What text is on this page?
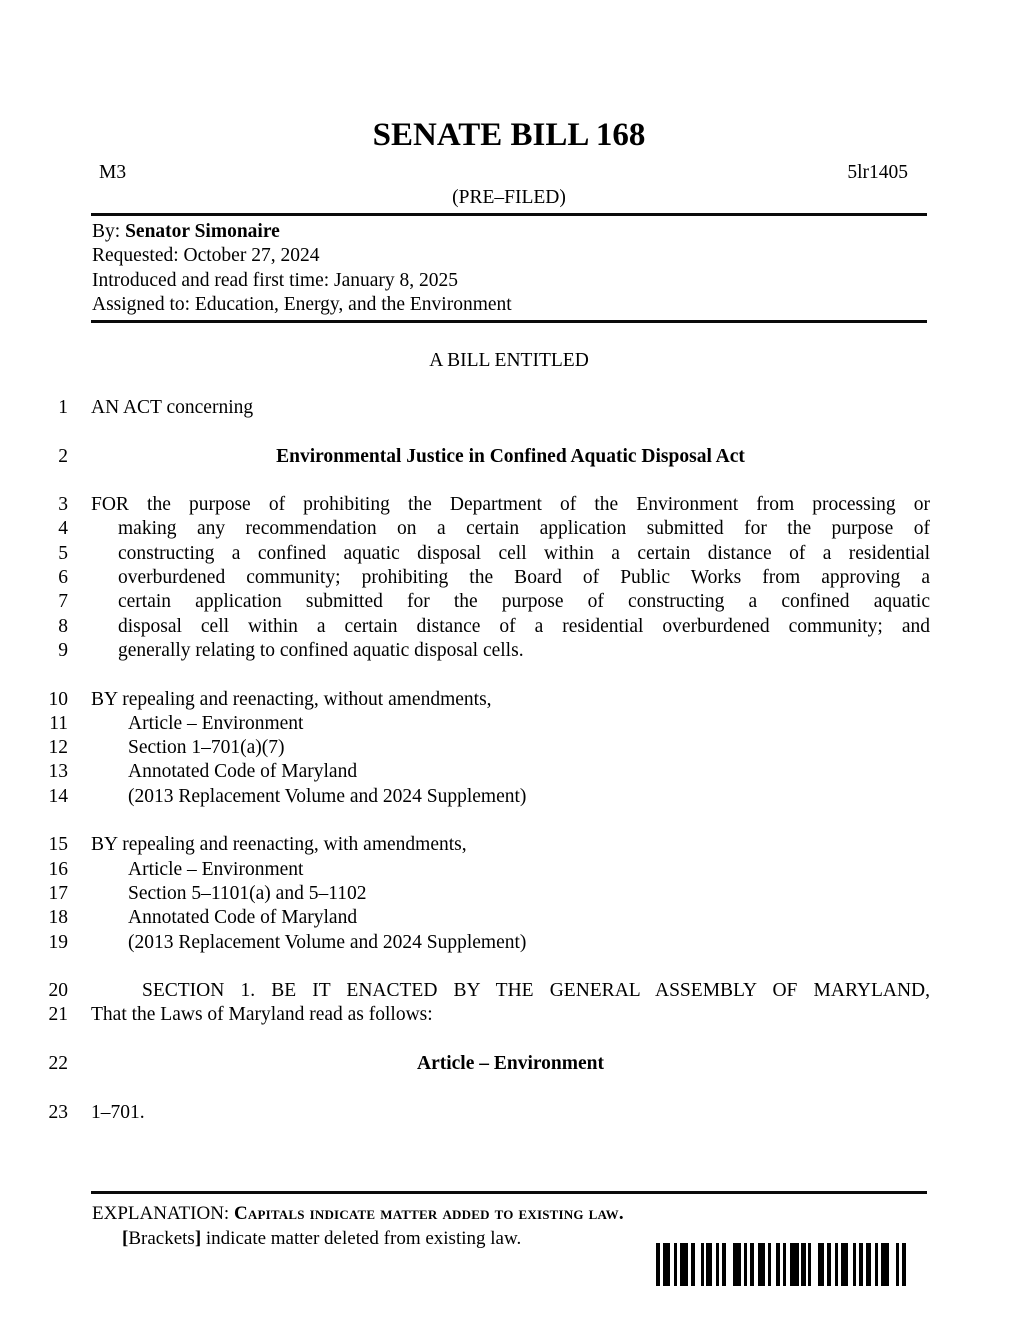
SENATE BILL 168
M3	5lr1405
(PRE–FILED)
By: Senator Simonaire
Requested: October 27, 2024
Introduced and read first time: January 8, 2025
Assigned to: Education, Energy, and the Environment
A BILL ENTITLED
1 AN ACT concerning
2	Environmental Justice in Confined Aquatic Disposal Act
3 FOR the purpose of prohibiting the Department of the Environment from processing or
4	making any recommendation on a certain application submitted for the purpose of
5	constructing a confined aquatic disposal cell within a certain distance of a residential
6	overburdened community; prohibiting the Board of Public Works from approving a
7	certain application submitted for the purpose of constructing a confined aquatic
8	disposal cell within a certain distance of a residential overburdened community; and
9	generally relating to confined aquatic disposal cells.
10 BY repealing and reenacting, without amendments,
11	Article – Environment
12	Section 1–701(a)(7)
13	Annotated Code of Maryland
14	(2013 Replacement Volume and 2024 Supplement)
15 BY repealing and reenacting, with amendments,
16	Article – Environment
17	Section 5–1101(a) and 5–1102
18	Annotated Code of Maryland
19	(2013 Replacement Volume and 2024 Supplement)
20	SECTION 1. BE IT ENACTED BY THE GENERAL ASSEMBLY OF MARYLAND,
21 That the Laws of Maryland read as follows:
22	Article – Environment
23 1–701.
EXPLANATION: Capitals indicate matter added to existing law.
[Brackets] indicate matter deleted from existing law.
